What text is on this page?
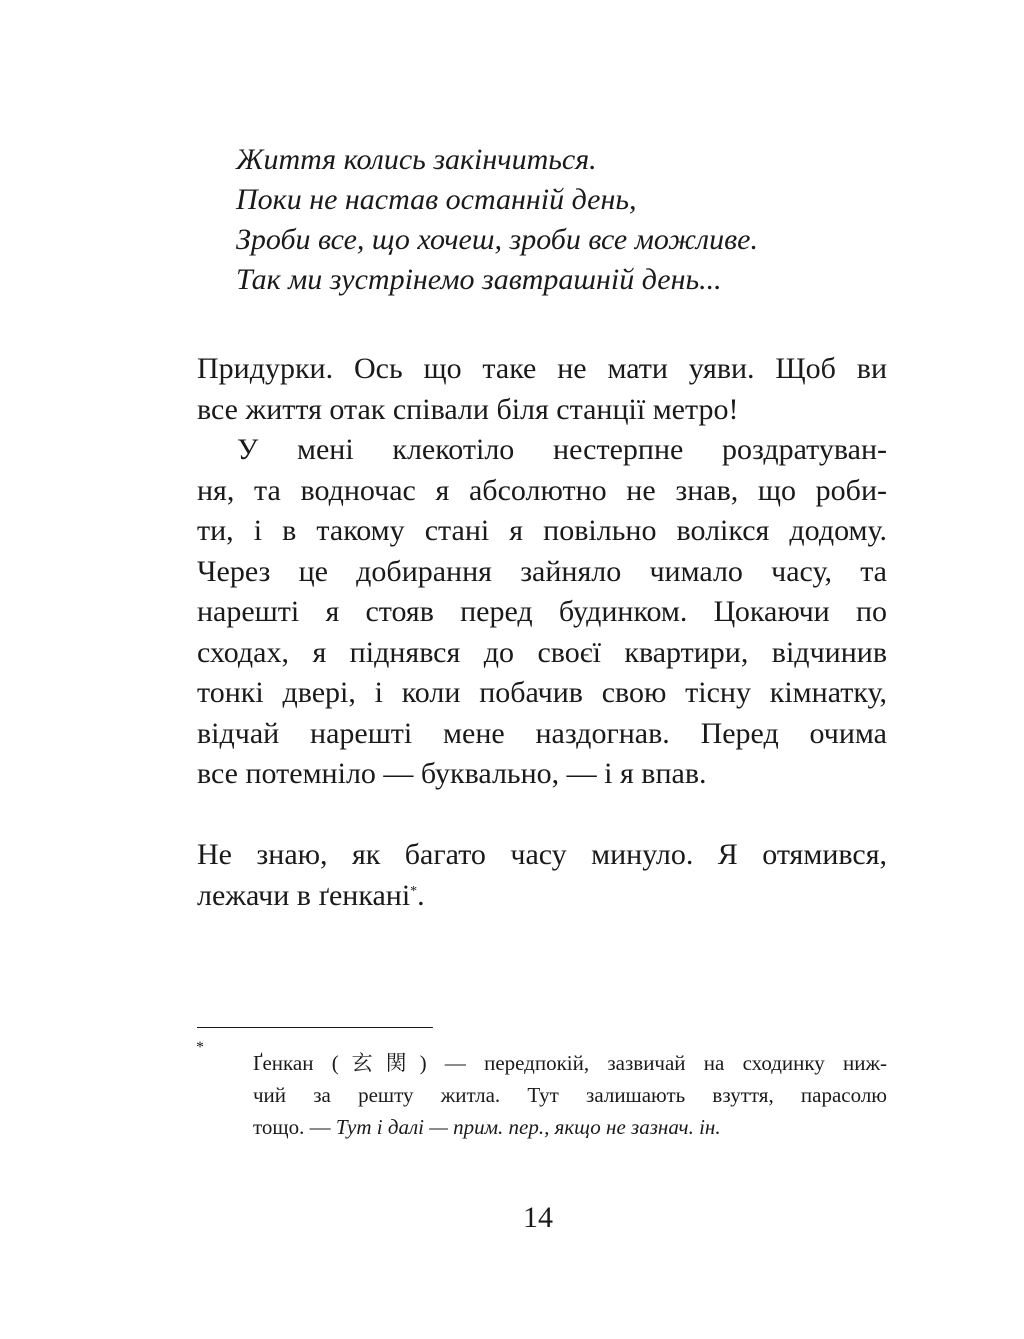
Життя колись закінчиться.
Поки не настав останній день,
Зроби все, що хочеш, зроби все можливе.
Так ми зустрінемо завтрашній день...
Придурки. Ось що таке не мати уяви. Щоб ви
все життя отак співали біля станції метро!
У мені клекотіло нестерпне роздратуван-
ня, та водночас я абсолютно не знав, що роби-
ти, і в такому стані я повільно волікся додому.
Через це добирання зайняло чимало часу, та
нарешті я стояв перед будинком. Цокаючи по
сходах, я піднявся до своєї квартири, відчинив
тонкі двері, і коли побачив свою тісну кімнатку,
відчай нарешті мене наздогнав. Перед очима
все потемніло — буквально, — і я впав.
Не знаю, як багато часу минуло. Я отямився,
лежачи в ґенкані*.
*
Ґенкан (玄関) — передпокій, зазвичай на сходинку ниж-
чий за решту житла. Тут залишають взуття, парасолю
тощо. — Тут і далі — прим. пер., якщо не зазнач. ін.
14
